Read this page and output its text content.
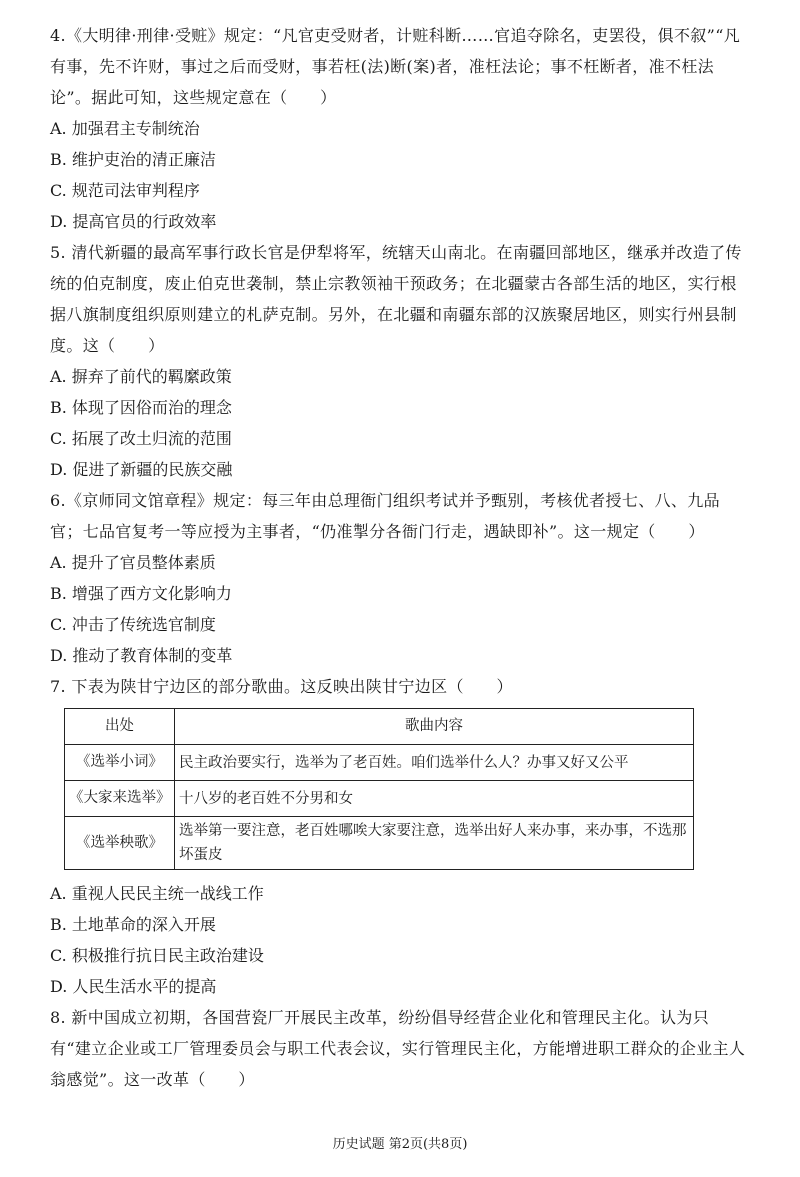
4.《大明律·刑律·受赃》规定：“凡官吏受财者，计赃科断……官追夺除名，吏罢役，俱不叙”“凡有事，先不许财，事过之后而受财，事若枉(法)断(案)者，准枉法论；事不枉断者，准不枉法论”。据此可知，这些规定意在（　　）

A. 加强君主专制统治

B. 维护吏治的清正廉洁

C. 规范司法审判程序

D. 提高官员的行政效率

5. 清代新疆的最高军事行政长官是伊犁将军，统辖天山南北。在南疆回部地区，继承并改造了传统的伯克制度，废止伯克世袭制，禁止宗教领袖干预政务；在北疆蒙古各部生活的地区，实行根据八旗制度组织原则建立的札萨克制。另外，在北疆和南疆东部的汉族聚居地区，则实行州县制度。这（　　）

A. 摒弃了前代的羁縻政策

B. 体现了因俗而治的理念

C. 拓展了改土归流的范围

D. 促进了新疆的民族交融

6.《京师同文馆章程》规定：每三年由总理衙门组织考试并予甄别，考核优者授七、八、九品官；七品官复考一等应授为主事者，“仍准掣分各衙门行走，遇缺即补”。这一规定（　　）

A. 提升了官员整体素质

B. 增强了西方文化影响力

C. 冲击了传统选官制度

D. 推动了教育体制的变革

7. 下表为陕甘宁边区的部分歌曲。这反映出陕甘宁边区（　　）

出处	歌曲内容
《选举小词》	民主政治要实行，选举为了老百姓。咱们选举什么人？办事又好又公平
《大家来选举》	十八岁的老百姓不分男和女
《选举秧歌》	选举第一要注意，老百姓哪唉大家要注意，选举出好人来办事，来办事，不选那坏蛋皮

A. 重视人民民主统一战线工作

B. 土地革命的深入开展

C. 积极推行抗日民主政治建设

D. 人民生活水平的提高

8. 新中国成立初期，各国营瓷厂开展民主改革，纷纷倡导经营企业化和管理民主化。认为只有“建立企业或工厂管理委员会与职工代表会议，实行管理民主化，方能增进职工群众的企业主人翁感觉”。这一改革（　　）

历史试题 第2页(共8页)
